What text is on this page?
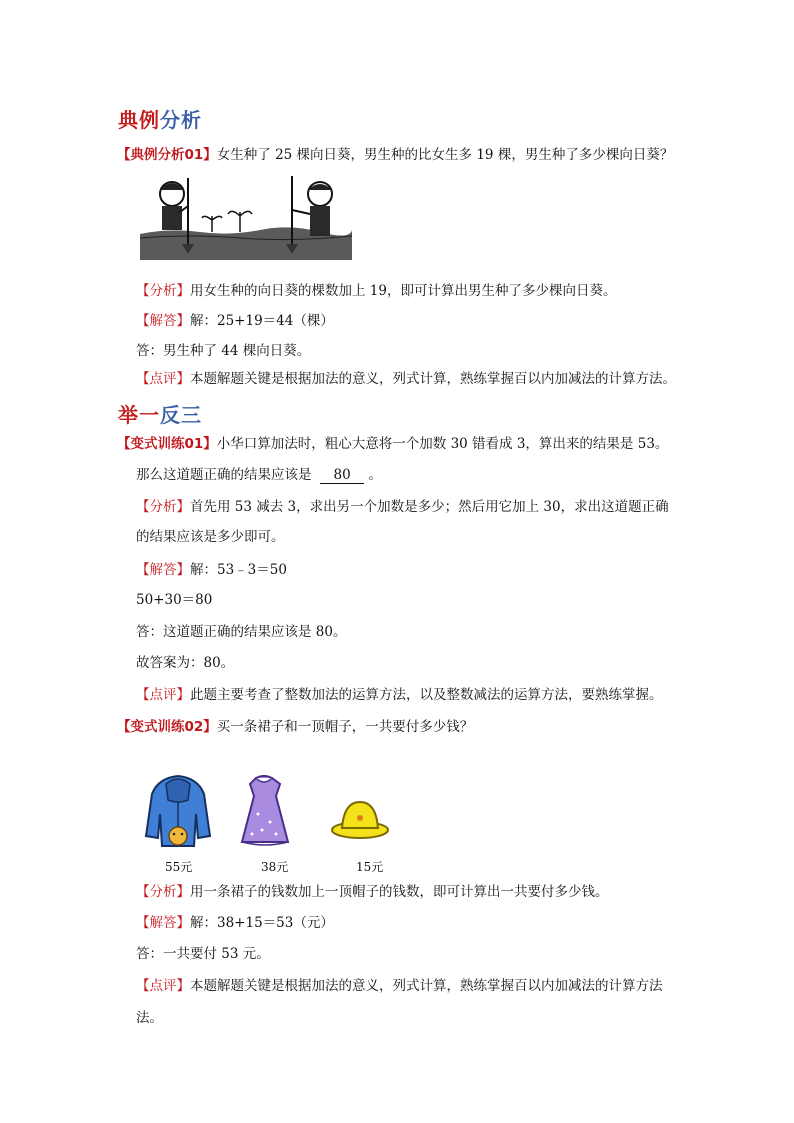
典例分析
【典例分析01】女生种了 25 棵向日葵，男生种的比女生多 19 棵，男生种了多少棵向日葵？
【分析】用女生种的向日葵的棵数加上 19，即可计算出男生种了多少棵向日葵。
【解答】解：25+19＝44（棵）
答：男生种了 44 棵向日葵。
【点评】本题解题关键是根据加法的意义，列式计算，熟练掌握百以内加减法的计算方法。
举一反三
【变式训练01】小华口算加法时，粗心大意将一个加数 30 错看成 3，算出来的结果是 53。
那么这道题正确的结果应该是 80 。
【分析】首先用 53 减去 3，求出另一个加数是多少；然后用它加上 30，求出这道题正确
的结果应该是多少即可。
【解答】解：53﹣3＝50
50+30＝80
答：这道题正确的结果应该是 80。
故答案为：80。
【点评】此题主要考查了整数加法的运算方法，以及整数减法的运算方法，要熟练掌握。
【变式训练02】买一条裙子和一顶帽子，一共要付多少钱？
55元	38元	15元
【分析】用一条裙子的钱数加上一顶帽子的钱数，即可计算出一共要付多少钱。
【解答】解：38+15＝53（元）
答：一共要付 53 元。
【点评】本题解题关键是根据加法的意义，列式计算，熟练掌握百以内加减法的计算方法
法。
